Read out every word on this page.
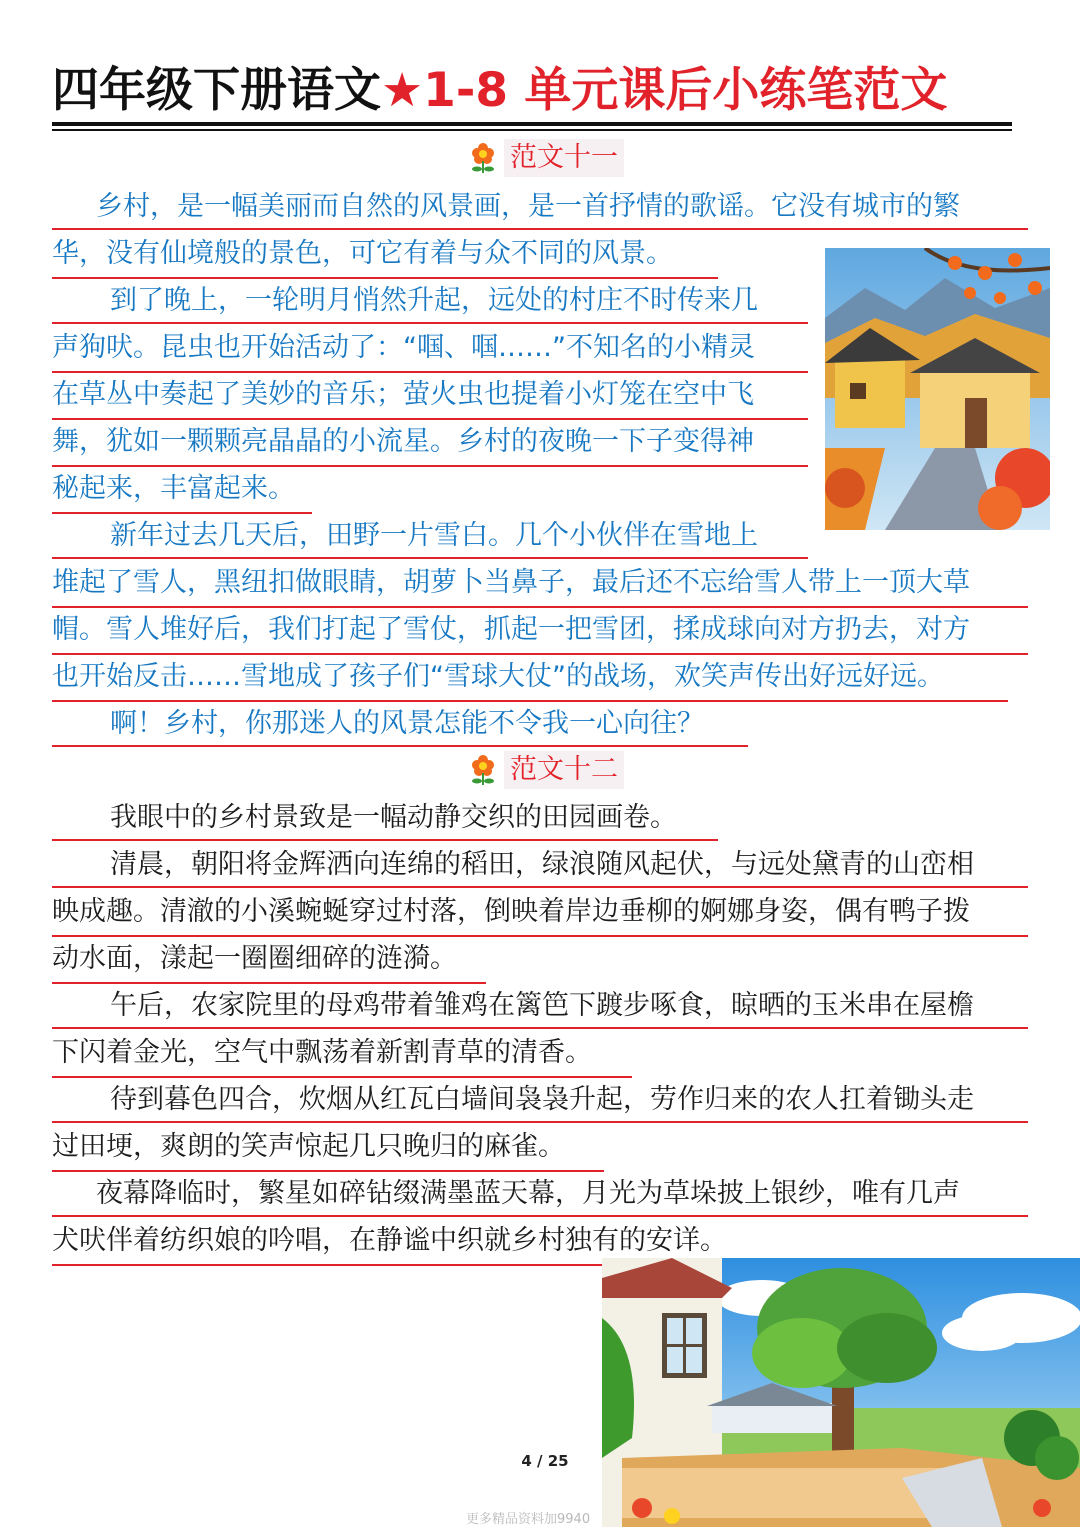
四年级下册语文★1-8 单元课后小练笔范文
范文十一
乡村，是一幅美丽而自然的风景画，是一首抒情的歌谣。它没有城市的繁
华，没有仙境般的景色，可它有着与众不同的风景。
到了晚上，一轮明月悄然升起，远处的村庄不时传来几
声狗吠。昆虫也开始活动了：“啯、啯……”不知名的小精灵
在草丛中奏起了美妙的音乐；萤火虫也提着小灯笼在空中飞
舞，犹如一颗颗亮晶晶的小流星。乡村的夜晚一下子变得神
秘起来，丰富起来。
新年过去几天后，田野一片雪白。几个小伙伴在雪地上
堆起了雪人，黑纽扣做眼睛，胡萝卜当鼻子，最后还不忘给雪人带上一顶大草
帽。雪人堆好后，我们打起了雪仗，抓起一把雪团，揉成球向对方扔去，对方
也开始反击……雪地成了孩子们“雪球大仗”的战场，欢笑声传出好远好远。
啊！乡村，你那迷人的风景怎能不令我一心向往？
范文十二
我眼中的乡村景致是一幅动静交织的田园画卷。
清晨，朝阳将金辉洒向连绵的稻田，绿浪随风起伏，与远处黛青的山峦相
映成趣。清澈的小溪蜿蜒穿过村落，倒映着岸边垂柳的婀娜身姿，偶有鸭子拨
动水面，漾起一圈圈细碎的涟漪。
午后，农家院里的母鸡带着雏鸡在篱笆下踱步啄食，晾晒的玉米串在屋檐
下闪着金光，空气中飘荡着新割青草的清香。
待到暮色四合，炊烟从红瓦白墙间袅袅升起，劳作归来的农人扛着锄头走
过田埂，爽朗的笑声惊起几只晚归的麻雀。
夜幕降临时，繁星如碎钻缀满墨蓝天幕，月光为草垛披上银纱，唯有几声
犬吠伴着纺织娘的吟唱，在静谧中织就乡村独有的安详。
4 / 25
更多精品资料加9940
